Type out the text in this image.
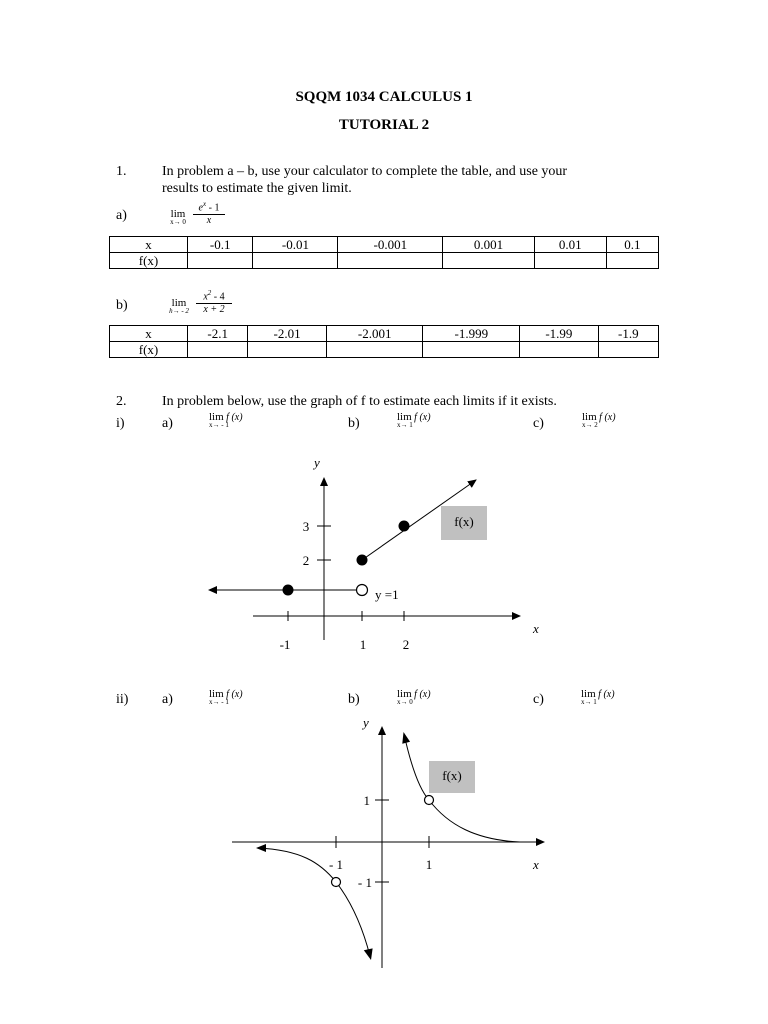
SQQM 1034 CALCULUS 1
TUTORIAL 2
1.	In problem a – b, use your calculator to complete the table, and use your
results to estimate the given limit.
a)	lim
$x\to 0 \frac{e^x - 1}{x}$
x	-0.1	-0.01	-0.001	0.001	0.01	0.1
f(x)						
b)	lim
$h\to - 2 \frac{x^2 - 4}{x + 2}$
x	-2.1	-2.01	-2.001	-1.999	-1.99	-1.9
f(x)						
2.	In problem below, use the graph of f to estimate each limits if it exists.
i)	a)	lim f (x)
x→ - 1	b)	lim f (x)
x→ 1	c)	lim f (x)
x→ 2
f(x)
y
x
y =1
-1	1	2
3
2
ii) a)	lim f (x)
x→ - 1	b)	lim f (x)
x→ 0	c)	lim f (x)
x→ 1
f(x)
y
x
- 1	1
1
- 1
